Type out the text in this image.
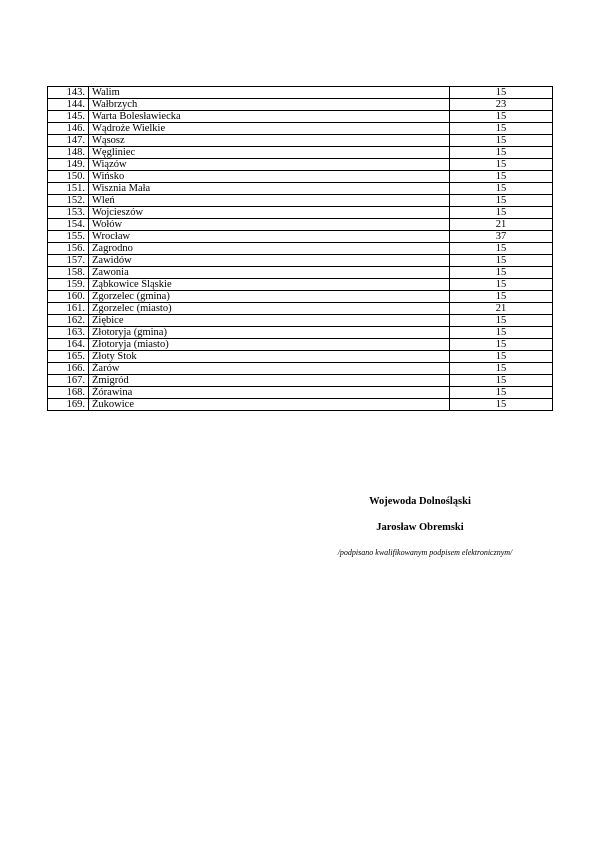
143.	Walim	15
144.	Wałbrzych	23
145.	Warta Bolesławiecka	15
146.	Wądroże Wielkie	15
147.	Wąsosz	15
148.	Węgliniec	15
149.	Wiązów	15
150.	Wińsko	15
151.	Wisznia Mała	15
152.	Wleń	15
153.	Wojcieszów	15
154.	Wołów	21
155.	Wrocław	37
156.	Zagrodno	15
157.	Zawidów	15
158.	Zawonia	15
159.	Ząbkowice Śląskie	15
160.	Zgorzelec (gmina)	15
161.	Zgorzelec (miasto)	21
162.	Ziębice	15
163.	Złotoryja (gmina)	15
164.	Złotoryja (miasto)	15
165.	Złoty Stok	15
166.	Żarów	15
167.	Żmigród	15
168.	Żórawina	15
169.	Żukowice	15
Wojewoda Dolnośląski
Jarosław Obremski
/podpisano kwalifikowanym podpisem elektronicznym/
